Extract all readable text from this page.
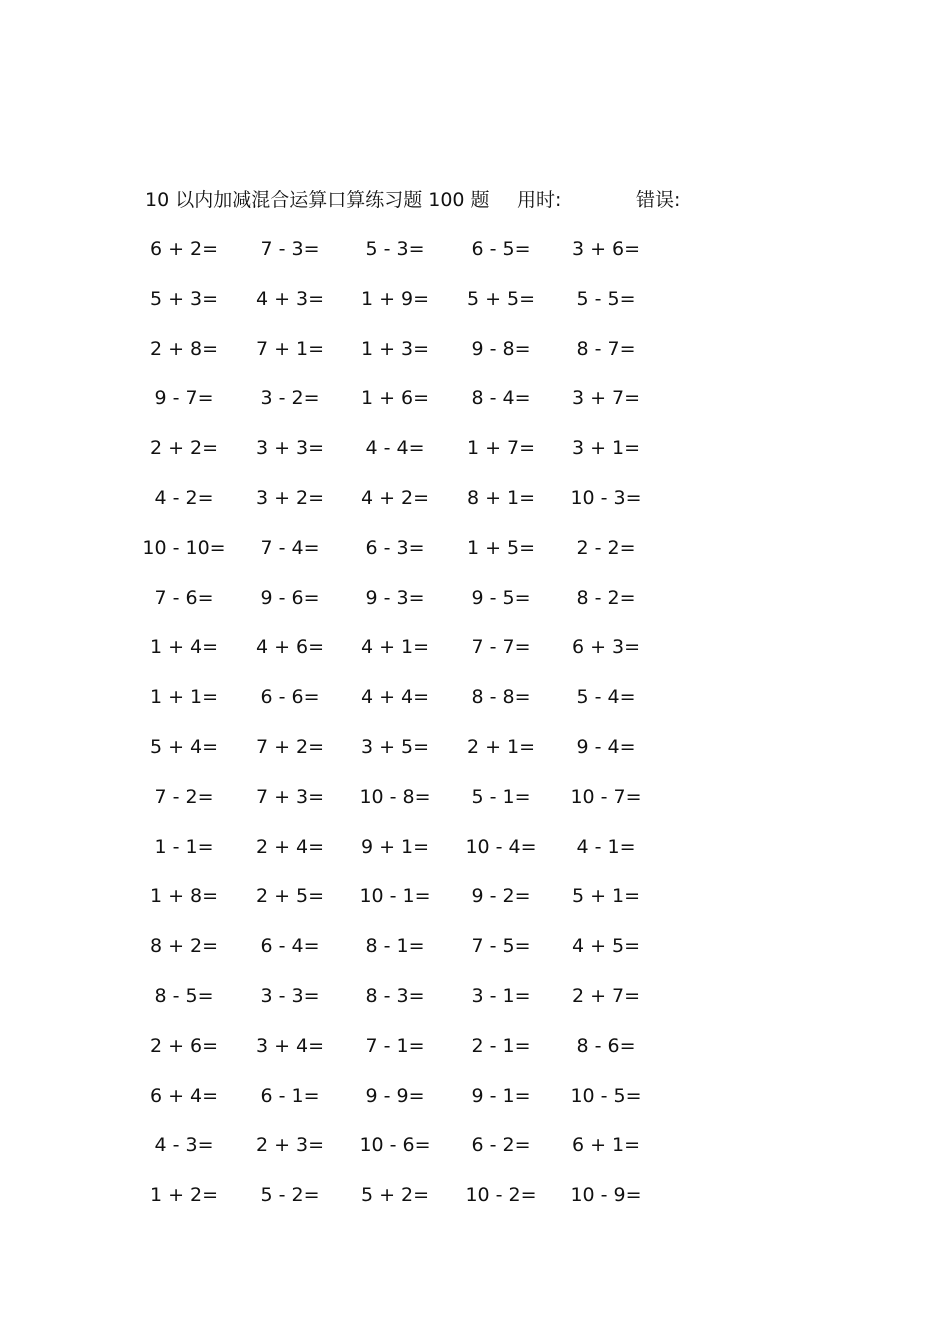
10 以内加减混合运算口算练习题 100 题 用时:	错误:
6 + 2=	7 - 3=	5 - 3=	6 - 5=	3 + 6=
5 + 3=	4 + 3=	1 + 9=	5 + 5=	5 - 5=
2 + 8=	7 + 1=	1 + 3=	9 - 8=	8 - 7=
9 - 7=	3 - 2=	1 + 6=	8 - 4=	3 + 7=
2 + 2=	3 + 3=	4 - 4=	1 + 7=	3 + 1=
4 - 2=	3 + 2=	4 + 2=	8 + 1=	10 - 3=
10 - 10=	7 - 4=	6 - 3=	1 + 5=	2 - 2=
7 - 6=	9 - 6=	9 - 3=	9 - 5=	8 - 2=
1 + 4=	4 + 6=	4 + 1=	7 - 7=	6 + 3=
1 + 1=	6 - 6=	4 + 4=	8 - 8=	5 - 4=
5 + 4=	7 + 2=	3 + 5=	2 + 1=	9 - 4=
7 - 2=	7 + 3=	10 - 8=	5 - 1=	10 - 7=
1 - 1=	2 + 4=	9 + 1=	10 - 4=	4 - 1=
1 + 8=	2 + 5=	10 - 1=	9 - 2=	5 + 1=
8 + 2=	6 - 4=	8 - 1=	7 - 5=	4 + 5=
8 - 5=	3 - 3=	8 - 3=	3 - 1=	2 + 7=
2 + 6=	3 + 4=	7 - 1=	2 - 1=	8 - 6=
6 + 4=	6 - 1=	9 - 9=	9 - 1=	10 - 5=
4 - 3=	2 + 3=	10 - 6=	6 - 2=	6 + 1=
1 + 2=	5 - 2=	5 + 2=	10 - 2=	10 - 9=
